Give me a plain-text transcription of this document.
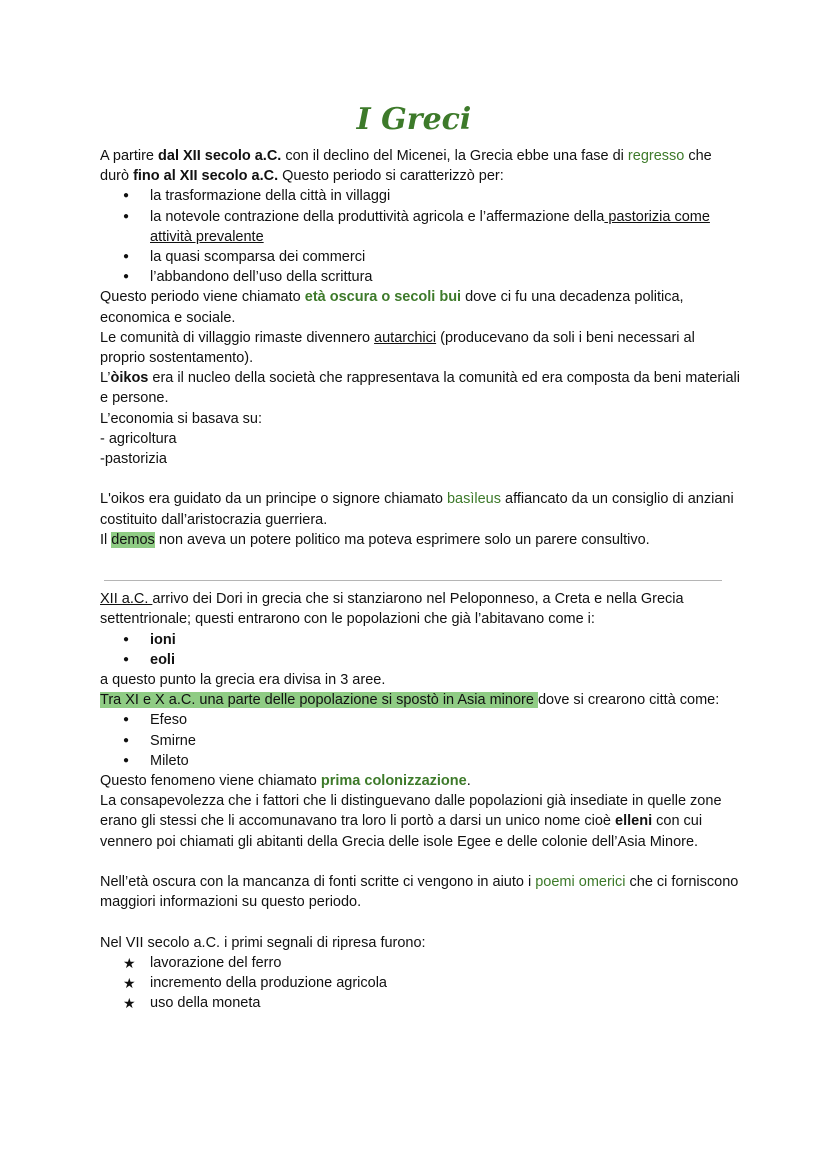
I Greci

A partire dal XII secolo a.C. con il declino del Micenei, la Grecia ebbe una fase di regresso che durò fino al XII secolo a.C. Questo periodo si caratterizzò per:

● la trasformazione della città in villaggi
● la notevole contrazione della produttività agricola e l’affermazione della pastorizia come attività prevalente
● la quasi scomparsa dei commerci
● l’abbandono dell’uso della scrittura

Questo periodo viene chiamato età oscura o secoli bui dove ci fu una decadenza politica, economica e sociale.

Le comunità di villaggio rimaste divennero autarchici (producevano da soli i beni necessari al proprio sostentamento).

L’òikos era il nucleo della società che rappresentava la comunità ed era composta da beni materiali e persone.

L’economia si basava su:

- agricoltura

-pastorizia

L'oikos era guidato da un principe o signore chiamato basìleus affiancato da un consiglio di anziani costituito dall’aristocrazia guerriera.

Il demos non aveva un potere politico ma poteva esprimere solo un parere consultivo.

XII a.C. arrivo dei Dori in grecia che si stanziarono nel Peloponneso, a Creta e nella Grecia settentrionale; questi entrarono con le popolazioni che già l’abitavano come i:

● ioni
● eoli

a questo punto la grecia era divisa in 3 aree.

Tra XI e X a.C. una parte delle popolazione si spostò in Asia minore dove si crearono città come:

● Efeso
● Smirne
● Mileto

Questo fenomeno viene chiamato prima colonizzazione.

La consapevolezza che i fattori che li distinguevano dalle popolazioni già insediate in quelle zone erano gli stessi che li accomunavano tra loro li portò a darsi un unico nome cioè elleni con cui vennero poi chiamati gli abitanti della Grecia delle isole Egee e delle colonie dell’Asia Minore.

Nell’età oscura con la mancanza di fonti scritte ci vengono in aiuto i poemi omerici che ci forniscono maggiori informazioni su questo periodo.

Nel VII secolo a.C. i primi segnali di ripresa furono:

★ lavorazione del ferro
★ incremento della produzione agricola
★ uso della moneta
